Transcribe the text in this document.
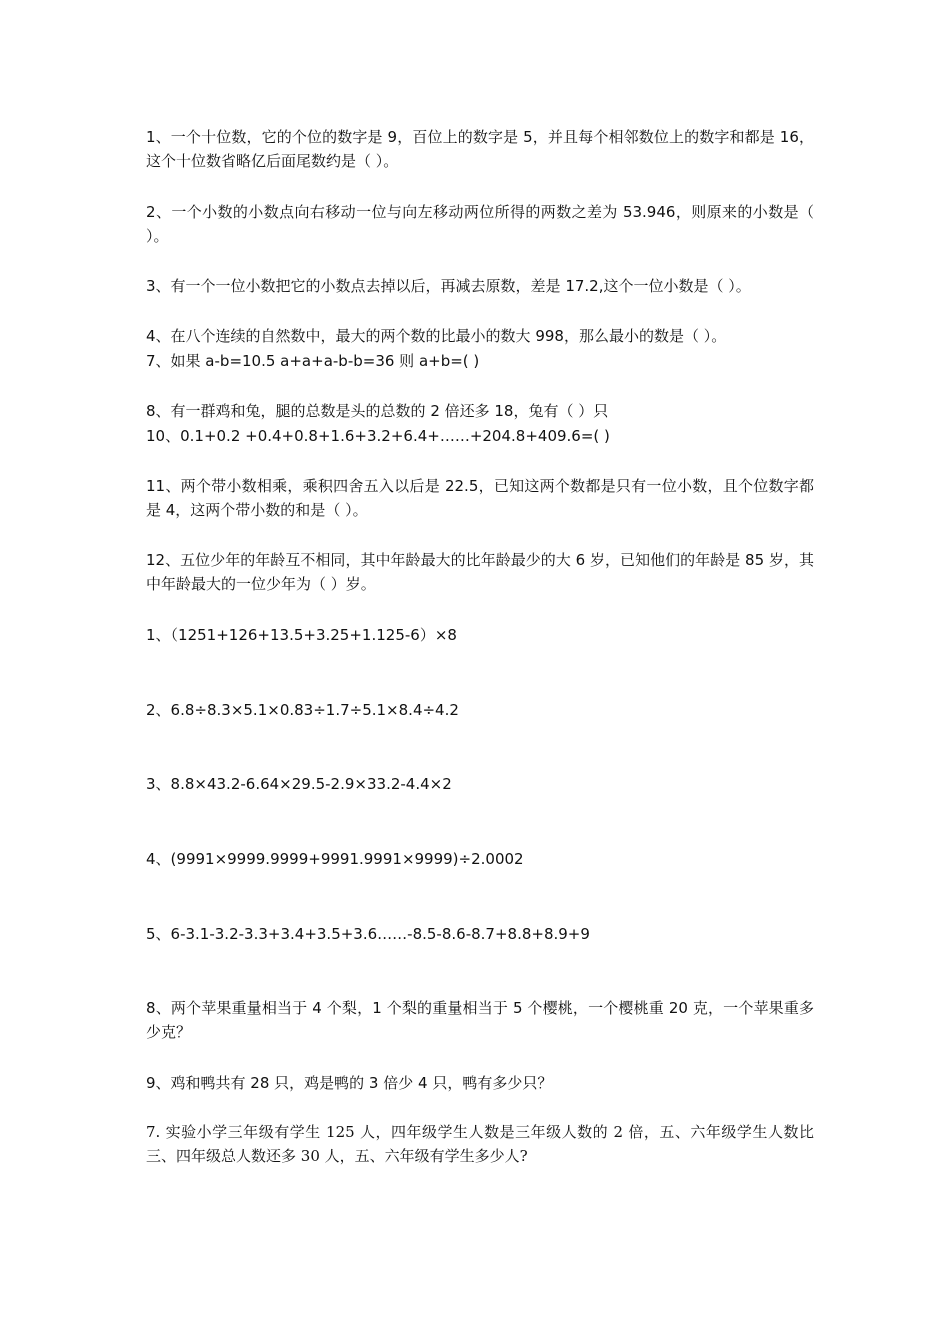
1、一个十位数，它的个位的数字是 9，百位上的数字是 5，并且每个相邻数位上的数字和都是 16，这个十位数省略亿后面尾数约是（ ）。

2、一个小数的小数点向右移动一位与向左移动两位所得的两数之差为 53.946，则原来的小数是（ ）。

3、有一个一位小数把它的小数点去掉以后，再减去原数，差是 17.2,这个一位小数是（ ）。

4、在八个连续的自然数中，最大的两个数的比最小的数大 998，那么最小的数是（ ）。

7、如果 a-b=10.5 a+a+a-b-b=36 则 a+b=( )

8、有一群鸡和兔，腿的总数是头的总数的 2 倍还多 18，兔有（ ）只

10、0.1+0.2 +0.4+0.8+1.6+3.2+6.4+……+204.8+409.6=( )

11、两个带小数相乘，乘积四舍五入以后是 22.5，已知这两个数都是只有一位小数，且个位数字都是 4，这两个带小数的和是（ ）。

12、五位少年的年龄互不相同，其中年龄最大的比年龄最少的大 6 岁，已知他们的年龄是 85 岁，其中年龄最大的一位少年为（ ）岁。

1、（1251+126+13.5+3.25+1.125-6）×8

2、6.8÷8.3×5.1×0.83÷1.7÷5.1×8.4÷4.2

3、8.8×43.2-6.64×29.5-2.9×33.2-4.4×2

4、(9991×9999.9999+9991.9991×9999)÷2.0002

5、6-3.1-3.2-3.3+3.4+3.5+3.6……-8.5-8.6-8.7+8.8+8.9+9

8、两个苹果重量相当于 4 个梨，1 个梨的重量相当于 5 个樱桃，一个樱桃重 20 克，一个苹果重多少克？

9、鸡和鸭共有 28 只，鸡是鸭的 3 倍少 4 只，鸭有多少只？

7. 实验小学三年级有学生 125 人，四年级学生人数是三年级人数的 2 倍，五、六年级学生人数比三、四年级总人数还多 30 人，五、六年级有学生多少人?
